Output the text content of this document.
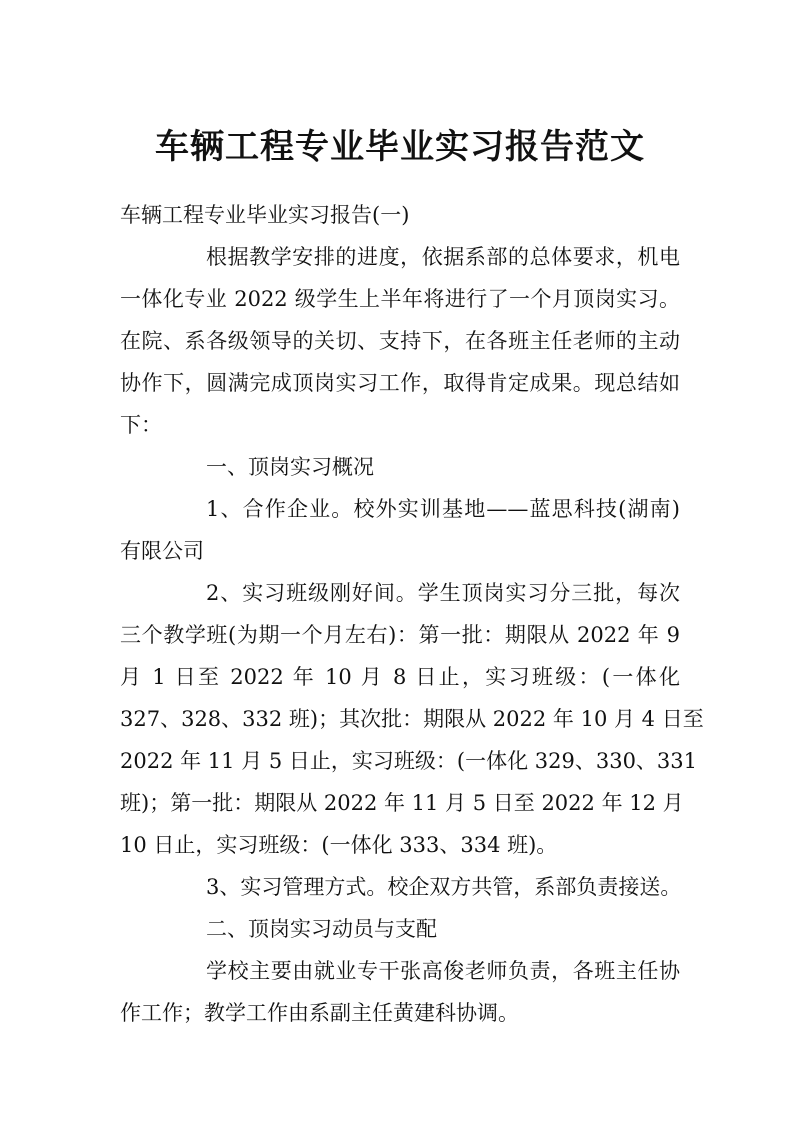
车辆工程专业毕业实习报告范文
车辆工程专业毕业实习报告(一)
根据教学安排的进度，依据系部的总体要求，机电
一体化专业 2022 级学生上半年将进行了一个月顶岗实习。
在院、系各级领导的关切、支持下，在各班主任老师的主动
协作下，圆满完成顶岗实习工作，取得肯定成果。现总结如
下：
一、顶岗实习概况
1、合作企业。校外实训基地——蓝思科技(湖南)
有限公司
2、实习班级刚好间。学生顶岗实习分三批，每次
三个教学班(为期一个月左右)：第一批：期限从 2022 年 9
月 1 日至 2022 年 10 月 8 日止，实习班级：(一体化
327、328、332 班)；其次批：期限从 2022 年 10 月 4 日至
2022 年 11 月 5 日止，实习班级：(一体化 329、330、331
班)；第一批：期限从 2022 年 11 月 5 日至 2022 年 12 月
10 日止，实习班级：(一体化 333、334 班)。
3、实习管理方式。校企双方共管，系部负责接送。
二、顶岗实习动员与支配
学校主要由就业专干张高俊老师负责，各班主任协
作工作；教学工作由系副主任黄建科协调。
